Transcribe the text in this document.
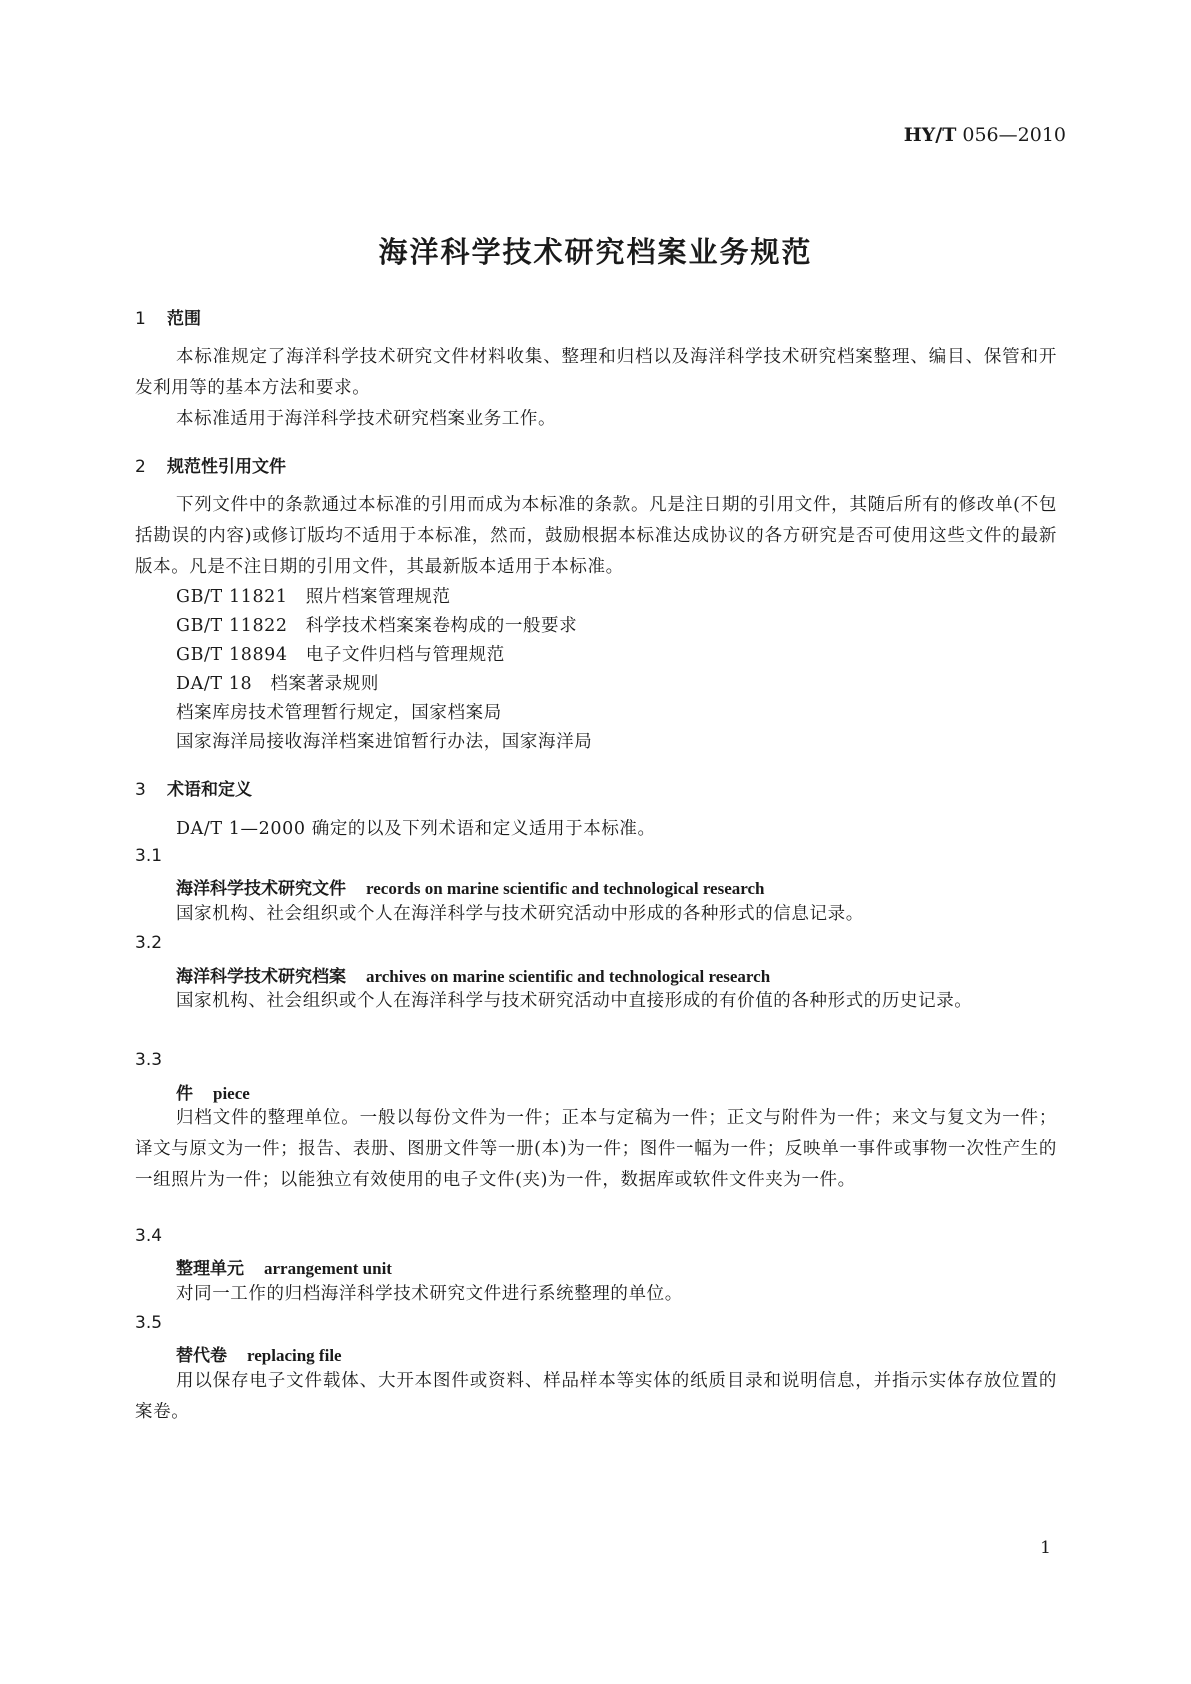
HY/T 056—2010
海洋科学技术研究档案业务规范
1 范围
本标准规定了海洋科学技术研究文件材料收集、整理和归档以及海洋科学技术研究档案整理、编目、保管和开发利用等的基本方法和要求。
本标准适用于海洋科学技术研究档案业务工作。
2 规范性引用文件
下列文件中的条款通过本标准的引用而成为本标准的条款。凡是注日期的引用文件，其随后所有的修改单(不包括勘误的内容)或修订版均不适用于本标准，然而，鼓励根据本标准达成协议的各方研究是否可使用这些文件的最新版本。凡是不注日期的引用文件，其最新版本适用于本标准。
GB/T 11821　照片档案管理规范
GB/T 11822　科学技术档案案卷构成的一般要求
GB/T 18894　电子文件归档与管理规范
DA/T 18　档案著录规则
档案库房技术管理暂行规定，国家档案局
国家海洋局接收海洋档案进馆暂行办法，国家海洋局
3 术语和定义
DA/T 1—2000 确定的以及下列术语和定义适用于本标准。
3.1
海洋科学技术研究文件 records on marine scientific and technological research
国家机构、社会组织或个人在海洋科学与技术研究活动中形成的各种形式的信息记录。
3.2
海洋科学技术研究档案 archives on marine scientific and technological research
国家机构、社会组织或个人在海洋科学与技术研究活动中直接形成的有价值的各种形式的历史记录。
3.3
件 piece
归档文件的整理单位。一般以每份文件为一件；正本与定稿为一件；正文与附件为一件；来文与复文为一件；译文与原文为一件；报告、表册、图册文件等一册(本)为一件；图件一幅为一件；反映单一事件或事物一次性产生的一组照片为一件；以能独立有效使用的电子文件(夹)为一件，数据库或软件文件夹为一件。
3.4
整理单元 arrangement unit
对同一工作的归档海洋科学技术研究文件进行系统整理的单位。
3.5
替代卷 replacing file
用以保存电子文件载体、大开本图件或资料、样品样本等实体的纸质目录和说明信息，并指示实体存放位置的案卷。
1
